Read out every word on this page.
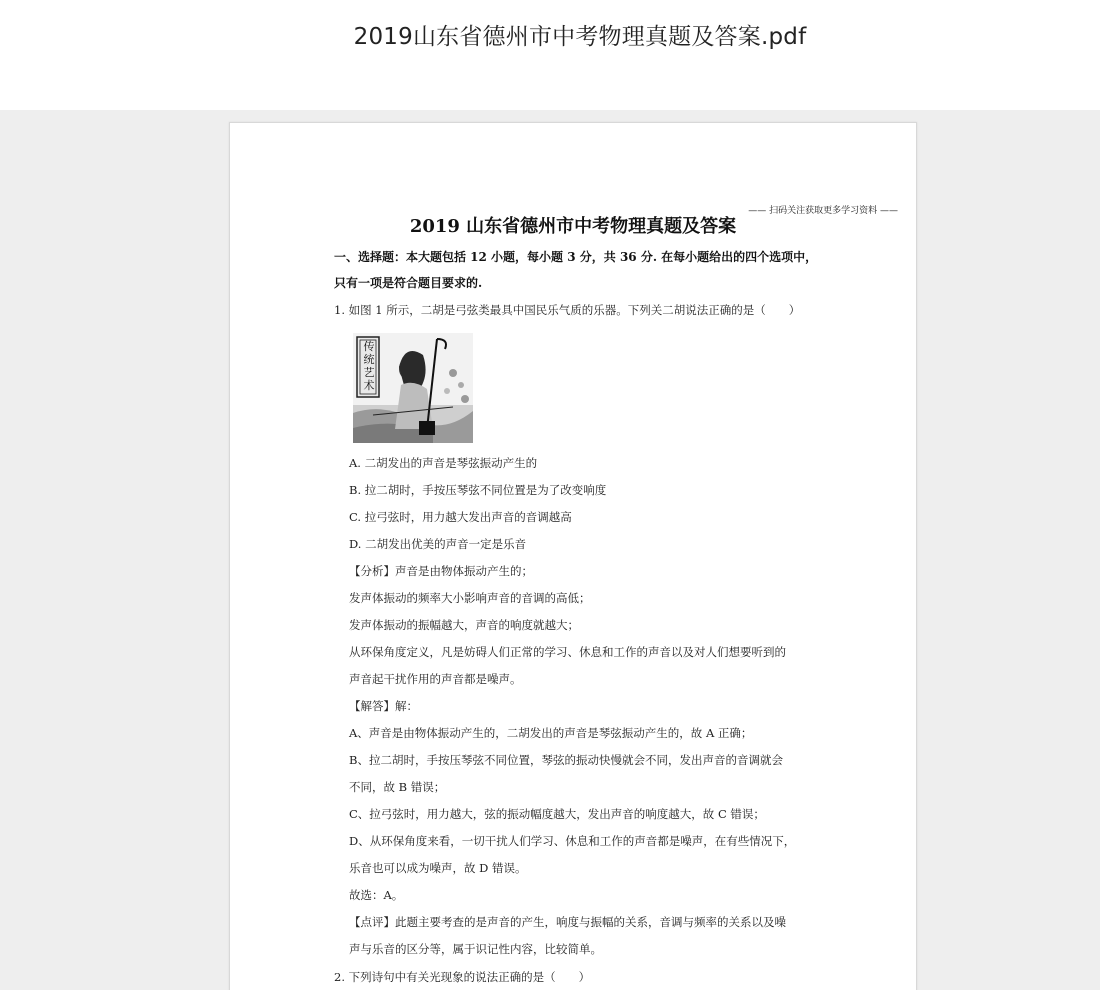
2019山东省德州市中考物理真题及答案.pdf
—— 扫码关注获取更多学习资料 ——
2019 山东省德州市中考物理真题及答案
一、选择题：本大题包括 12 小题，每小题 3 分，共 36 分. 在每小题给出的四个选项中，
只有一项是符合题目要求的.
1. 如图 1 所示，二胡是弓弦类最具中国民乐气质的乐器。下列关二胡说法正确的是（　　）
传统艺术
A. 二胡发出的声音是琴弦振动产生的
B. 拉二胡时，手按压琴弦不同位置是为了改变响度
C. 拉弓弦时，用力越大发出声音的音调越高
D. 二胡发出优美的声音一定是乐音
【分析】声音是由物体振动产生的；
发声体振动的频率大小影响声音的音调的高低；
发声体振动的振幅越大，声音的响度就越大；
从环保角度定义，凡是妨碍人们正常的学习、休息和工作的声音以及对人们想要听到的
声音起干扰作用的声音都是噪声。
【解答】解：
A、声音是由物体振动产生的，二胡发出的声音是琴弦振动产生的，故 A 正确；
B、拉二胡时，手按压琴弦不同位置，琴弦的振动快慢就会不同，发出声音的音调就会
不同，故 B 错误；
C、拉弓弦时，用力越大，弦的振动幅度越大，发出声音的响度越大，故 C 错误；
D、从环保角度来看，一切干扰人们学习、休息和工作的声音都是噪声，在有些情况下，
乐音也可以成为噪声，故 D 错误。
故选：A。
【点评】此题主要考查的是声音的产生，响度与振幅的关系，音调与频率的关系以及噪
声与乐音的区分等，属于识记性内容，比较简单。
2. 下列诗句中有关光现象的说法正确的是（　　）
